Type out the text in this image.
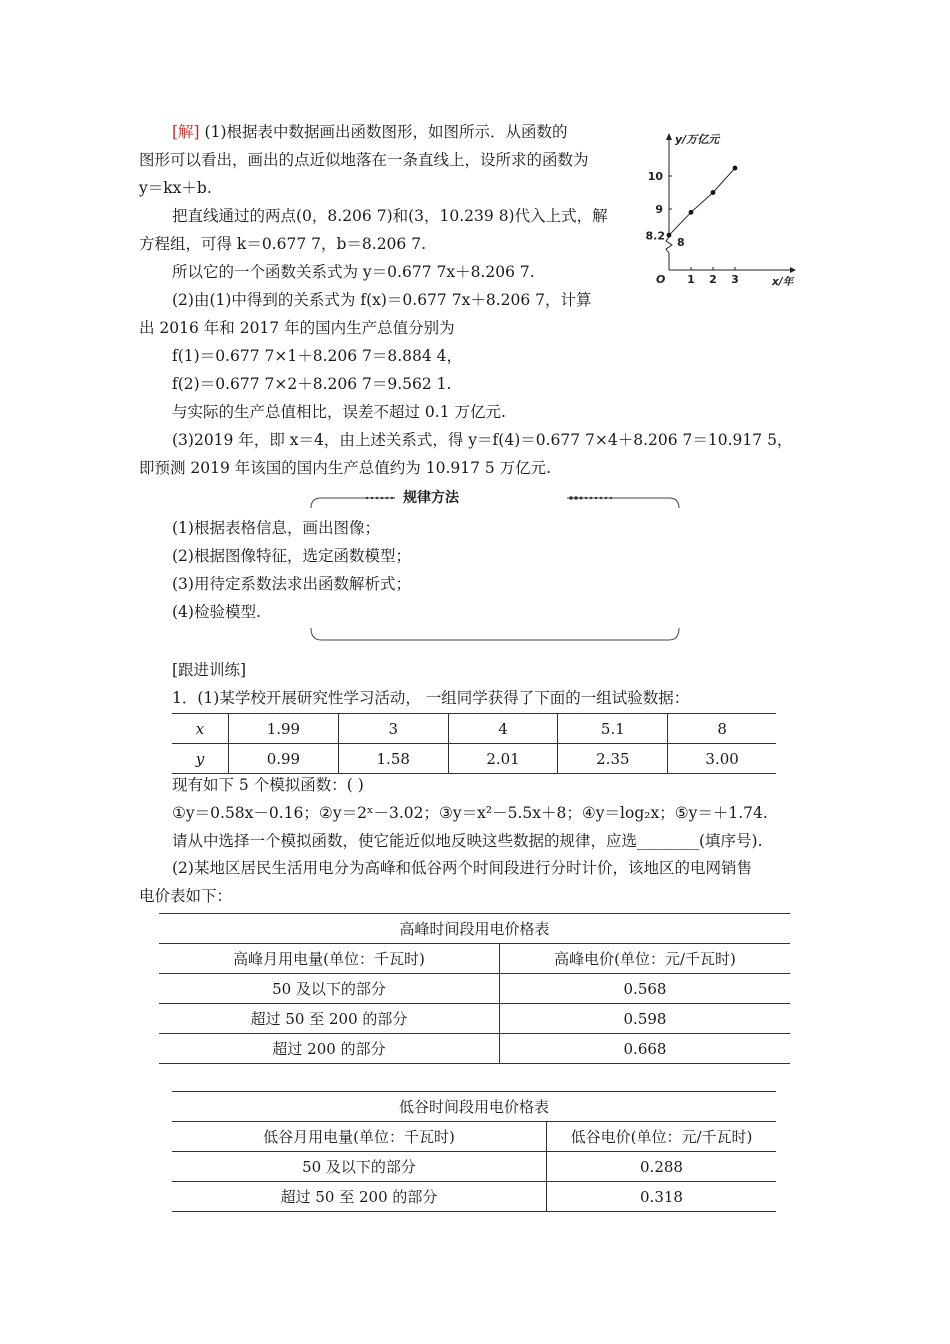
[解] (1)根据表中数据画出函数图形，如图所示．从函数的
图形可以看出，画出的点近似地落在一条直线上，设所求的函数为
y＝kx＋b.
把直线通过的两点(0，8.206 7)和(3，10.239 8)代入上式，解
方程组，可得 k＝0.677 7，b＝8.206 7.
所以它的一个函数关系式为 y＝0.677 7x＋8.206 7.
(2)由(1)中得到的关系式为 f(x)＝0.677 7x＋8.206 7，计算
出 2016 年和 2017 年的国内生产总值分别为
f(1)＝0.677 7×1＋8.206 7＝8.884 4，
f(2)＝0.677 7×2＋8.206 7＝9.562 1.
与实际的生产总值相比，误差不超过 0.1 万亿元.
(3)2019 年，即 x＝4，由上述关系式，得 y＝f(4)＝0.677 7×4＋8.206 7＝10.917 5，
即预测 2019 年该国的国内生产总值约为 10.917 5 万亿元.
y/万亿元
x/年
O 1 2 3
8
9
10
8.2
规律方法
(1)根据表格信息，画出图像；
(2)根据图像特征，选定函数模型；
(3)用待定系数法求出函数解析式；
(4)检验模型.
[跟进训练]
1．(1)某学校开展研究性学习活动， 一组同学获得了下面的一组试验数据：
x	1.99	3	4	5.1	8
y	0.99	1.58	2.01	2.35	3.00
现有如下 5 个模拟函数：( )
①y＝0.58x－0.16；②y＝2ˣ－3.02；③y＝x²－5.5x＋8；④y＝log₂x；⑤y＝＋1.74.
请从中选择一个模拟函数，使它能近似地反映这些数据的规律，应选________(填序号).
(2)某地区居民生活用电分为高峰和低谷两个时间段进行分时计价，该地区的电网销售
电价表如下：
高峰时间段用电价格表	
高峰月用电量(单位：千瓦时)	高峰电价(单位：元/千瓦时)
50 及以下的部分	0.568
超过 50 至 200 的部分	0.598
超过 200 的部分	0.668
低谷时间段用电价格表	
低谷月用电量(单位：千瓦时)	低谷电价(单位：元/千瓦时)
50 及以下的部分	0.288
超过 50 至 200 的部分	0.318
